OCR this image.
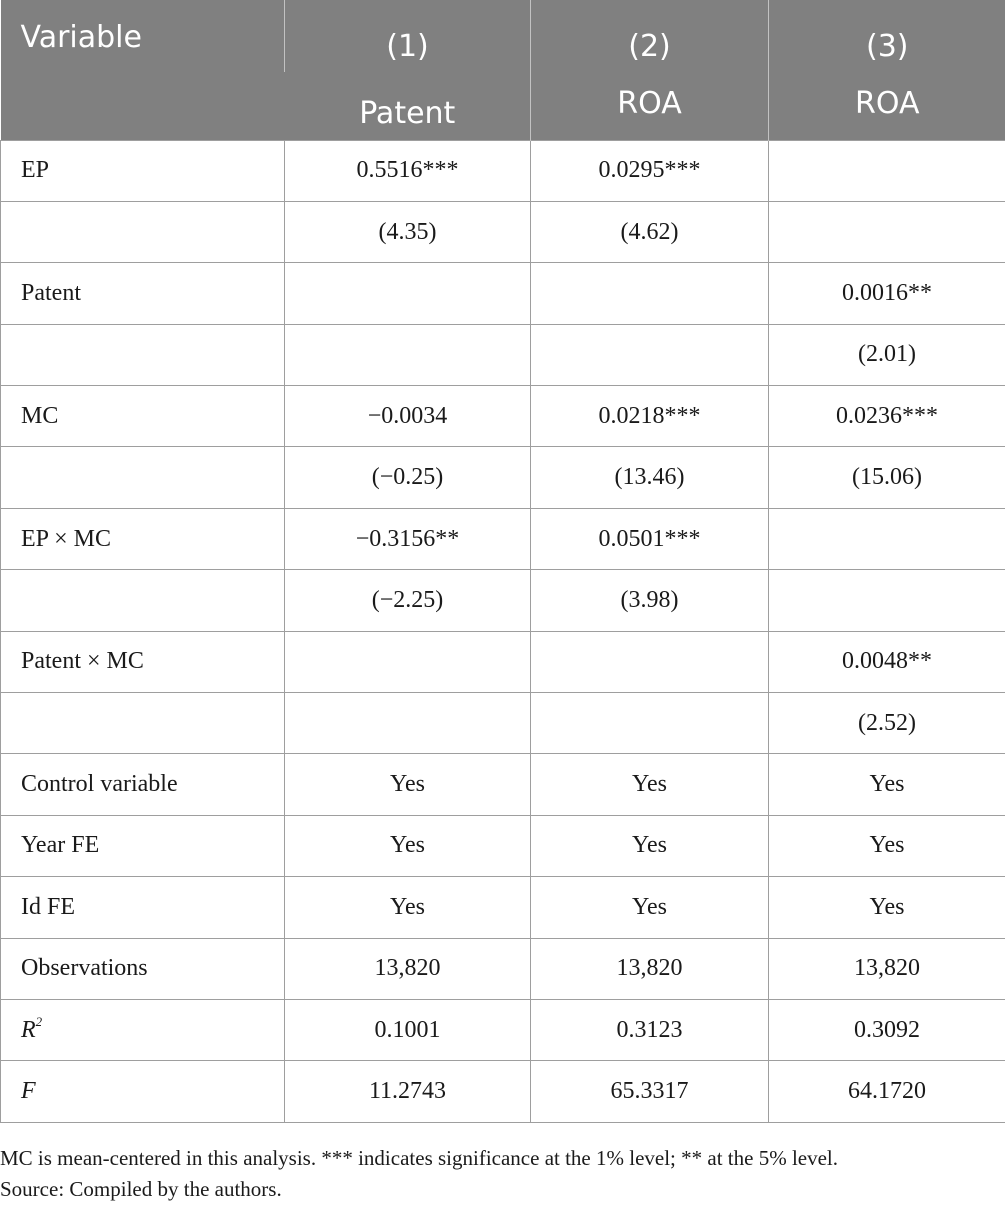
Variable	(1)	(2)	(3)
	Patent	ROA	ROA
EP	0.5516***	0.0295***	
	(4.35)	(4.62)	
Patent			0.0016**
			(2.01)
MC	−0.0034	0.0218***	0.0236***
	(−0.25)	(13.46)	(15.06)
EP × MC	−0.3156**	0.0501***	
	(−2.25)	(3.98)	
Patent × MC			0.0048**
			(2.52)
Control variable	Yes	Yes	Yes
Year FE	Yes	Yes	Yes
Id FE	Yes	Yes	Yes
Observations	13,820	13,820	13,820
$R^2$	0.1001	0.3123	0.3092
F	11.2743	65.3317	64.1720
MC is mean-centered in this analysis. *** indicates significance at the 1% level; ** at the 5% level.
Source: Compiled by the authors.
